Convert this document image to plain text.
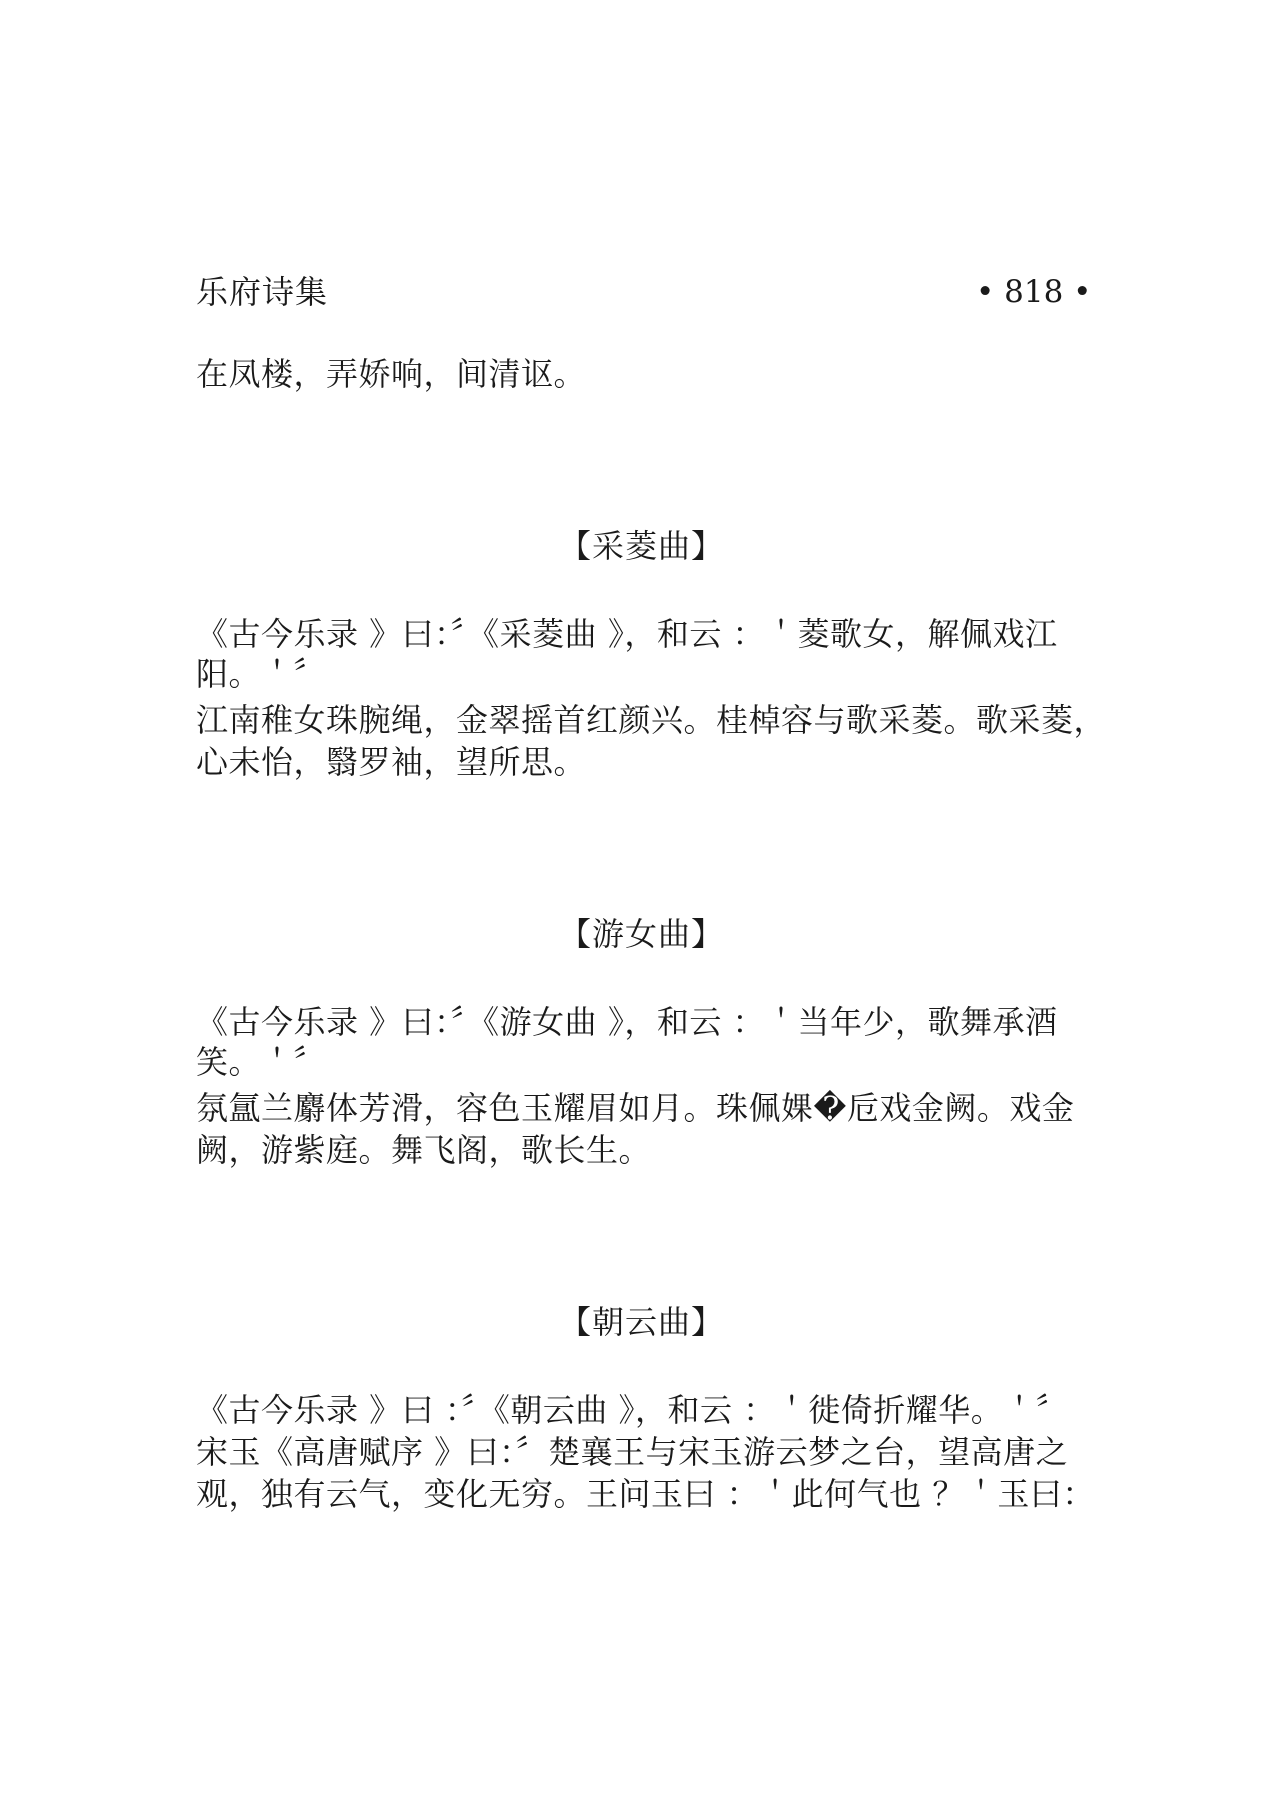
乐府诗集	• 818 •
在凤楼，弄娇响，间清讴。
【采菱曲】
《古今乐录 》曰：〞《采菱曲 》，和云 ：＇菱歌女，解佩戏江
阳。＇〞
江南稚女珠腕绳，金翠摇首红颜兴。桂棹容与歌采菱。歌采菱，
心未怡，翳罗袖，望所思。
【游女曲】
《古今乐录 》曰：〞《游女曲 》，和云 ：＇当年少，歌舞承酒
笑。＇〞
氛氲兰麝体芳滑，容色玉耀眉如月。珠佩婐�卮戏金阙。戏金
阙，游紫庭。舞飞阁，歌长生。
【朝云曲】
《古今乐录 》曰 ：〞《朝云曲 》，和云 ：＇徙倚折耀华。＇〞
宋玉《高唐赋序 》曰：〞楚襄王与宋玉游云梦之台，望高唐之
观，独有云气，变化无穷。王问玉曰 ：＇此何气也 ？＇玉曰：
